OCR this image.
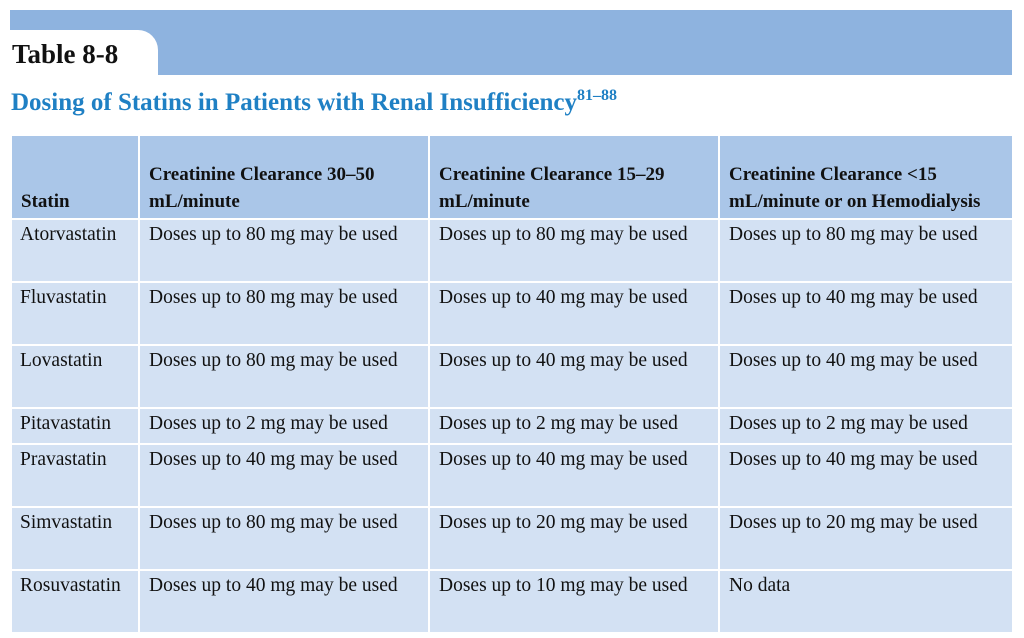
Table 8-8
Dosing of Statins in Patients with Renal Insufficiency$^{81-88}$
Statin	Creatinine Clearance 30–50 mL/minute	Creatinine Clearance 15–29 mL/minute	Creatinine Clearance <15 mL/minute or on Hemodialysis
Atorvastatin	Doses up to 80 mg may be used	Doses up to 80 mg may be used	Doses up to 80 mg may be used
Fluvastatin	Doses up to 80 mg may be used	Doses up to 40 mg may be used	Doses up to 40 mg may be used
Lovastatin	Doses up to 80 mg may be used	Doses up to 40 mg may be used	Doses up to 40 mg may be used
Pitavastatin	Doses up to 2 mg may be used	Doses up to 2 mg may be used	Doses up to 2 mg may be used
Pravastatin	Doses up to 40 mg may be used	Doses up to 40 mg may be used	Doses up to 40 mg may be used
Simvastatin	Doses up to 80 mg may be used	Doses up to 20 mg may be used	Doses up to 20 mg may be used
Rosuvastatin	Doses up to 40 mg may be used	Doses up to 10 mg may be used	No data
